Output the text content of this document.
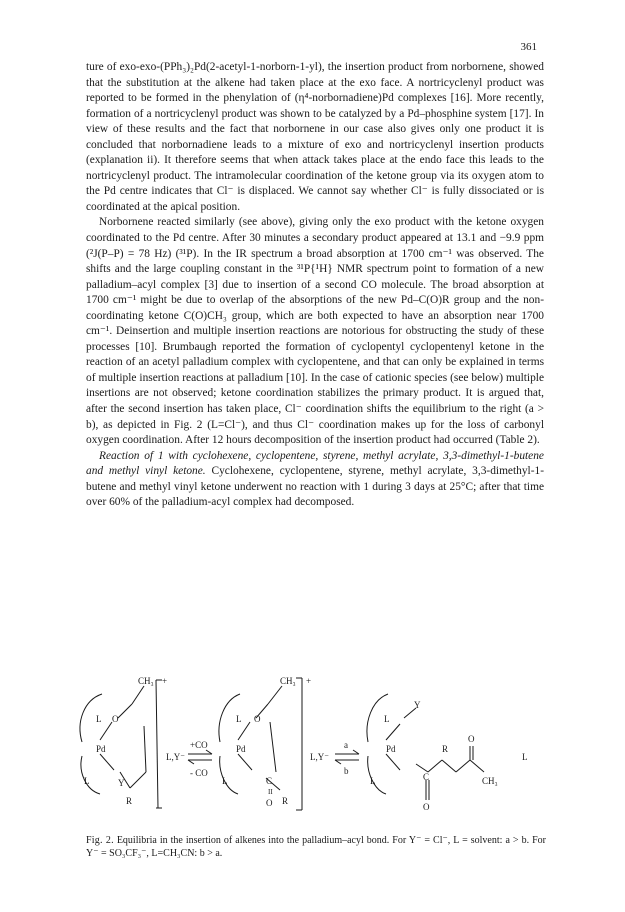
361

ture of exo-exo-(PPh₃)₂Pd(2-acetyl-1-norborn-1-yl), the insertion product from norbornene, showed that the substitution at the alkene had taken place at the exo face. A nortricyclenyl product was reported to be formed in the phenylation of (η⁴-norbornadiene)Pd complexes [16]. More recently, formation of a nortricyclenyl product was shown to be catalyzed by a Pd–phosphine system [17]. In view of these results and the fact that norbornene in our case also gives only one product it is concluded that norbornadiene leads to a mixture of exo and nortricyclenyl insertion products (explanation ii). It therefore seems that when attack takes place at the endo face this leads to the nortricyclenyl product. The intramolecular coordination of the ketone group via its oxygen atom to the Pd centre indicates that Cl⁻ is displaced. We cannot say whether Cl⁻ is fully dissociated or is coordinated at the apical position.

Norbornene reacted similarly (see above), giving only the exo product with the ketone oxygen coordinated to the Pd centre. After 30 minutes a secondary product appeared at 13.1 and −9.9 ppm (²J(P–P) = 78 Hz) (³¹P). In the IR spectrum a broad absorption at 1700 cm⁻¹ was observed. The shifts and the large coupling constant in the ³¹P{¹H} NMR spectrum point to formation of a new palladium–acyl complex [3] due to insertion of a second CO molecule. The broad absorption at 1700 cm⁻¹ might be due to overlap of the absorptions of the new Pd–C(O)R group and the non-coordinating ketone C(O)CH₃ group, which are both expected to have an absorption near 1700 cm⁻¹. Deinsertion and multiple insertion reactions are notorious for obstructing the study of these processes [10]. Brumbaugh reported the formation of cyclopentyl cyclopentenyl ketone in the reaction of an acetyl palladium complex with cyclopentene, and that can only be explained in terms of multiple insertion reactions at palladium [10]. In the case of cationic species (see below) multiple insertions are not observed; ketone coordination stabilizes the primary product. It is argued that, after the second insertion has taken place, Cl⁻ coordination shifts the equilibrium to the right (a > b), as depicted in Fig. 2 (L=Cl⁻), and thus Cl⁻ coordination makes up for the loss of carbonyl oxygen coordination. After 12 hours decomposition of the insertion product had occurred (Table 2).

Reaction of 1 with cyclohexene, cyclopentene, styrene, methyl acrylate, 3,3-dimethyl-1-butene and methyl vinyl ketone. Cyclohexene, cyclopentene, styrene, methyl acrylate, 3,3-dimethyl-1-butene and methyl vinyl ketone underwent no reaction with 1 during 3 days at 25°C; after that time over 60% of the palladium-acyl complex had decomposed.

CH₃ +
O
Pd
L
L	Y
R
L,Y⁻
+CO
- CO
CH₃ +
O
Pd
L
L	C
II
O R
L,Y⁻
a
b
Pd
L
L
Y
R
O
CH₃
C
O
L
Fig. 2. Equilibria in the insertion of alkenes into the palladium–acyl bond. For Y⁻ = Cl⁻, L = solvent: a > b. For Y⁻ = SO₃CF₃⁻, L=CH₃CN: b > a.
